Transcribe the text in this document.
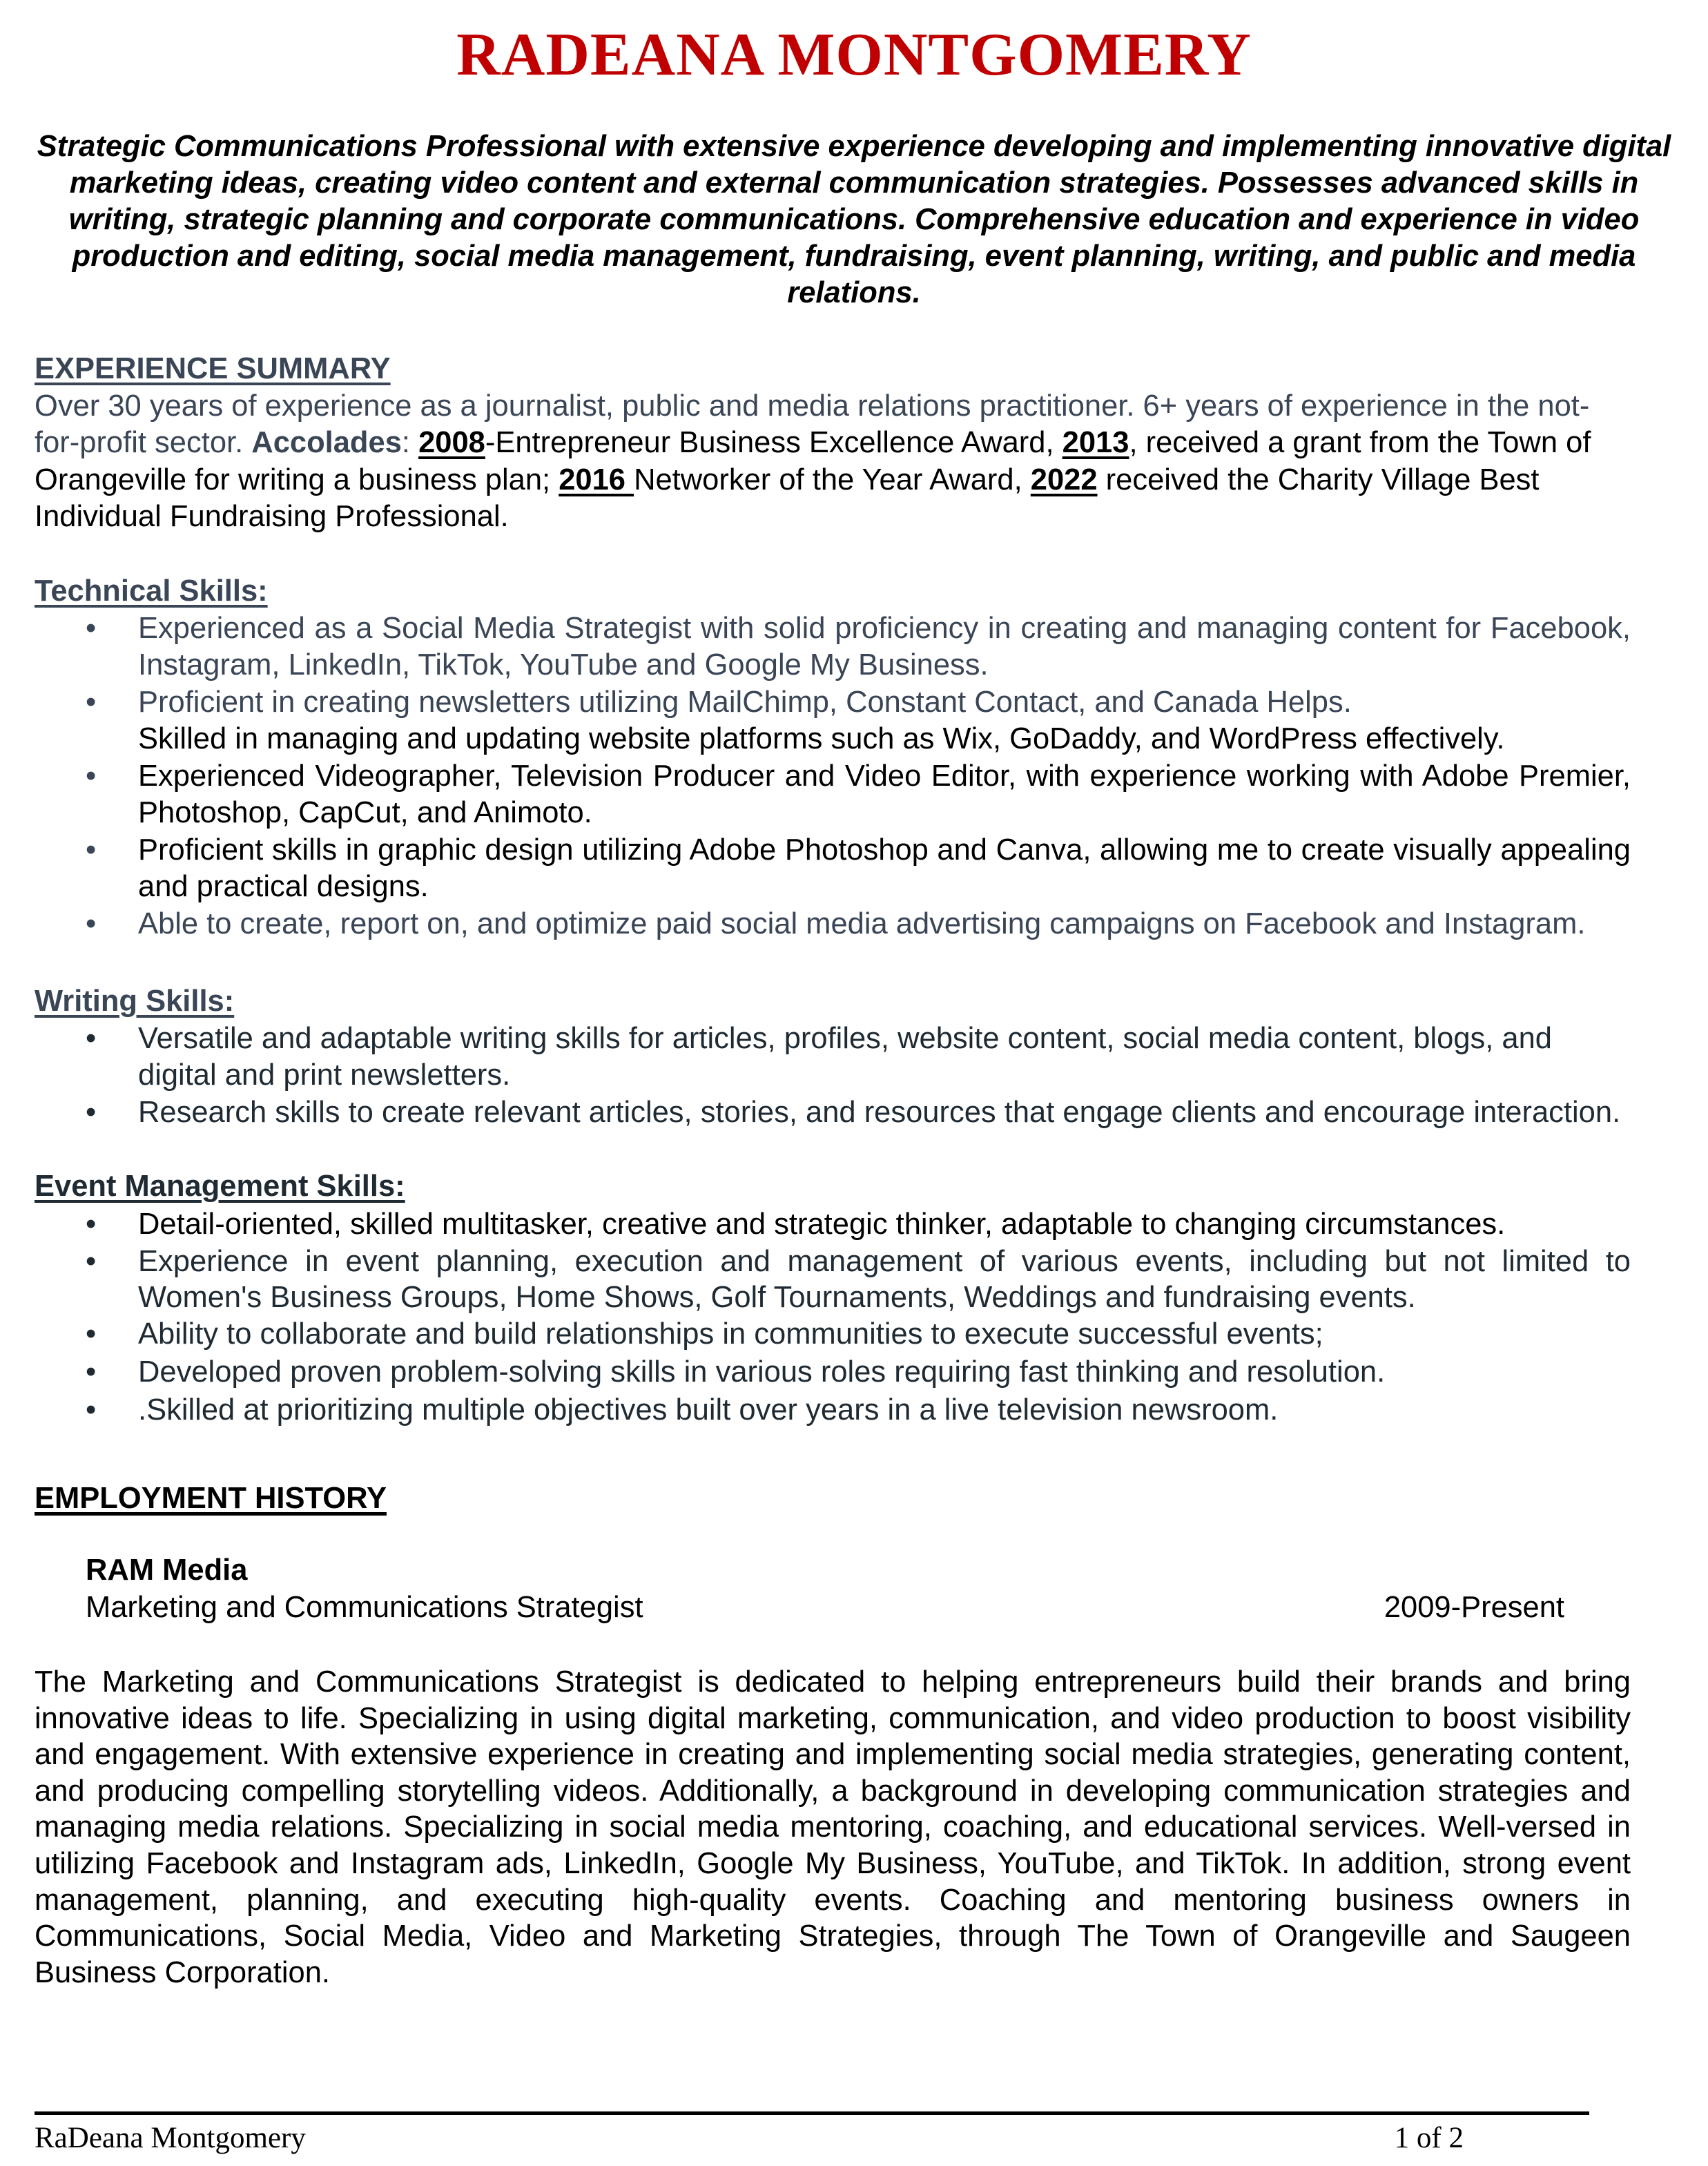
RADEANA MONTGOMERY

Strategic Communications Professional with extensive experience developing and implementing innovative digital marketing ideas, creating video content and external communication strategies. Possesses advanced skills in writing, strategic planning and corporate communications. Comprehensive education and experience in video production and editing, social media management, fundraising, event planning, writing, and public and media relations.

EXPERIENCE SUMMARY

Over 30 years of experience as a journalist, public and media relations practitioner. 6+ years of experience in the not-for-profit sector. Accolades: 2008-Entrepreneur Business Excellence Award, 2013, received a grant from the Town of Orangeville for writing a business plan; 2016 Networker of the Year Award, 2022 received the Charity Village Best Individual Fundraising Professional.

Technical Skills:

• Experienced as a Social Media Strategist with solid proficiency in creating and managing content for Facebook, Instagram, LinkedIn, TikTok, YouTube and Google My Business.
• Proficient in creating newsletters utilizing MailChimp, Constant Contact, and Canada Helps.
Skilled in managing and updating website platforms such as Wix, GoDaddy, and WordPress effectively.
• Experienced Videographer, Television Producer and Video Editor, with experience working with Adobe Premier, Photoshop, CapCut, and Animoto.
• Proficient skills in graphic design utilizing Adobe Photoshop and Canva, allowing me to create visually appealing and practical designs.
• Able to create, report on, and optimize paid social media advertising campaigns on Facebook and Instagram.

Writing Skills:

• Versatile and adaptable writing skills for articles, profiles, website content, social media content, blogs, and digital and print newsletters.
• Research skills to create relevant articles, stories, and resources that engage clients and encourage interaction.

Event Management Skills:

• Detail-oriented, skilled multitasker, creative and strategic thinker, adaptable to changing circumstances.
• Experience in event planning, execution and management of various events, including but not limited to Women's Business Groups, Home Shows, Golf Tournaments, Weddings and fundraising events.
• Ability to collaborate and build relationships in communities to execute successful events;
• Developed proven problem-solving skills in various roles requiring fast thinking and resolution.
• .Skilled at prioritizing multiple objectives built over years in a live television newsroom.
EMPLOYMENT HISTORY
RAM Media
Marketing and Communications Strategist	2009-Present

The Marketing and Communications Strategist is dedicated to helping entrepreneurs build their brands and bring innovative ideas to life. Specializing in using digital marketing, communication, and video production to boost visibility and engagement. With extensive experience in creating and implementing social media strategies, generating content, and producing compelling storytelling videos. Additionally, a background in developing communication strategies and managing media relations. Specializing in social media mentoring, coaching, and educational services. Well-versed in utilizing Facebook and Instagram ads, LinkedIn, Google My Business, YouTube, and TikTok. In addition, strong event management, planning, and executing high-quality events. Coaching and mentoring business owners in Communications, Social Media, Video and Marketing Strategies, through The Town of Orangeville and Saugeen Business Corporation.

RaDeana Montgomery	1 of 2
